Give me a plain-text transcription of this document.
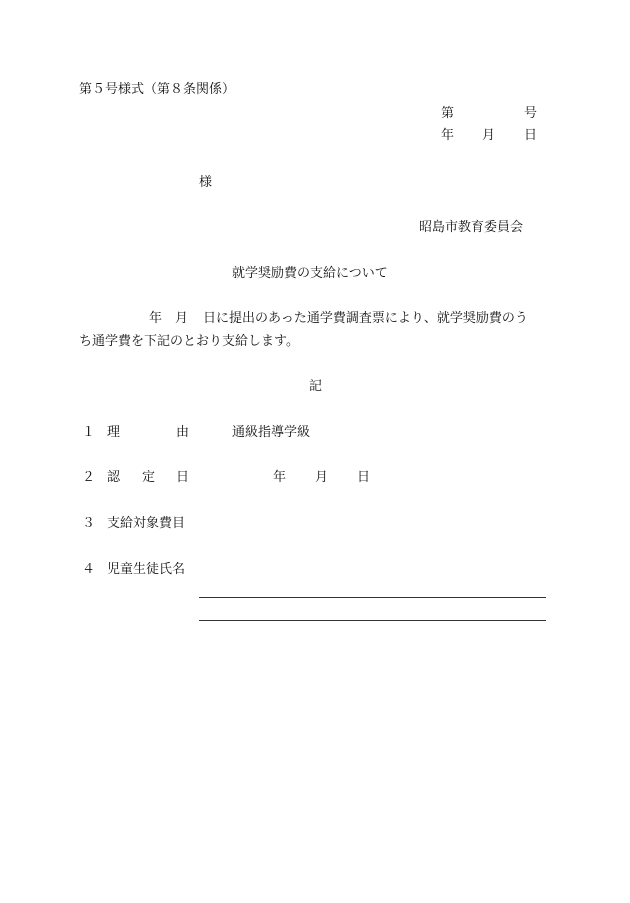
第５号様式（第８条関係）
第	号
年 月 日
様
昭島市教育委員会
就学奨励費の支給について
年 月 日に提出のあった通学費調査票により、就学奨励費のう
ち通学費を下記のとおり支給します。
記
１ 理	由	通級指導学級
２ 認 定 日	年 月 日
３ 支給対象費目
４ 児童生徒氏名
